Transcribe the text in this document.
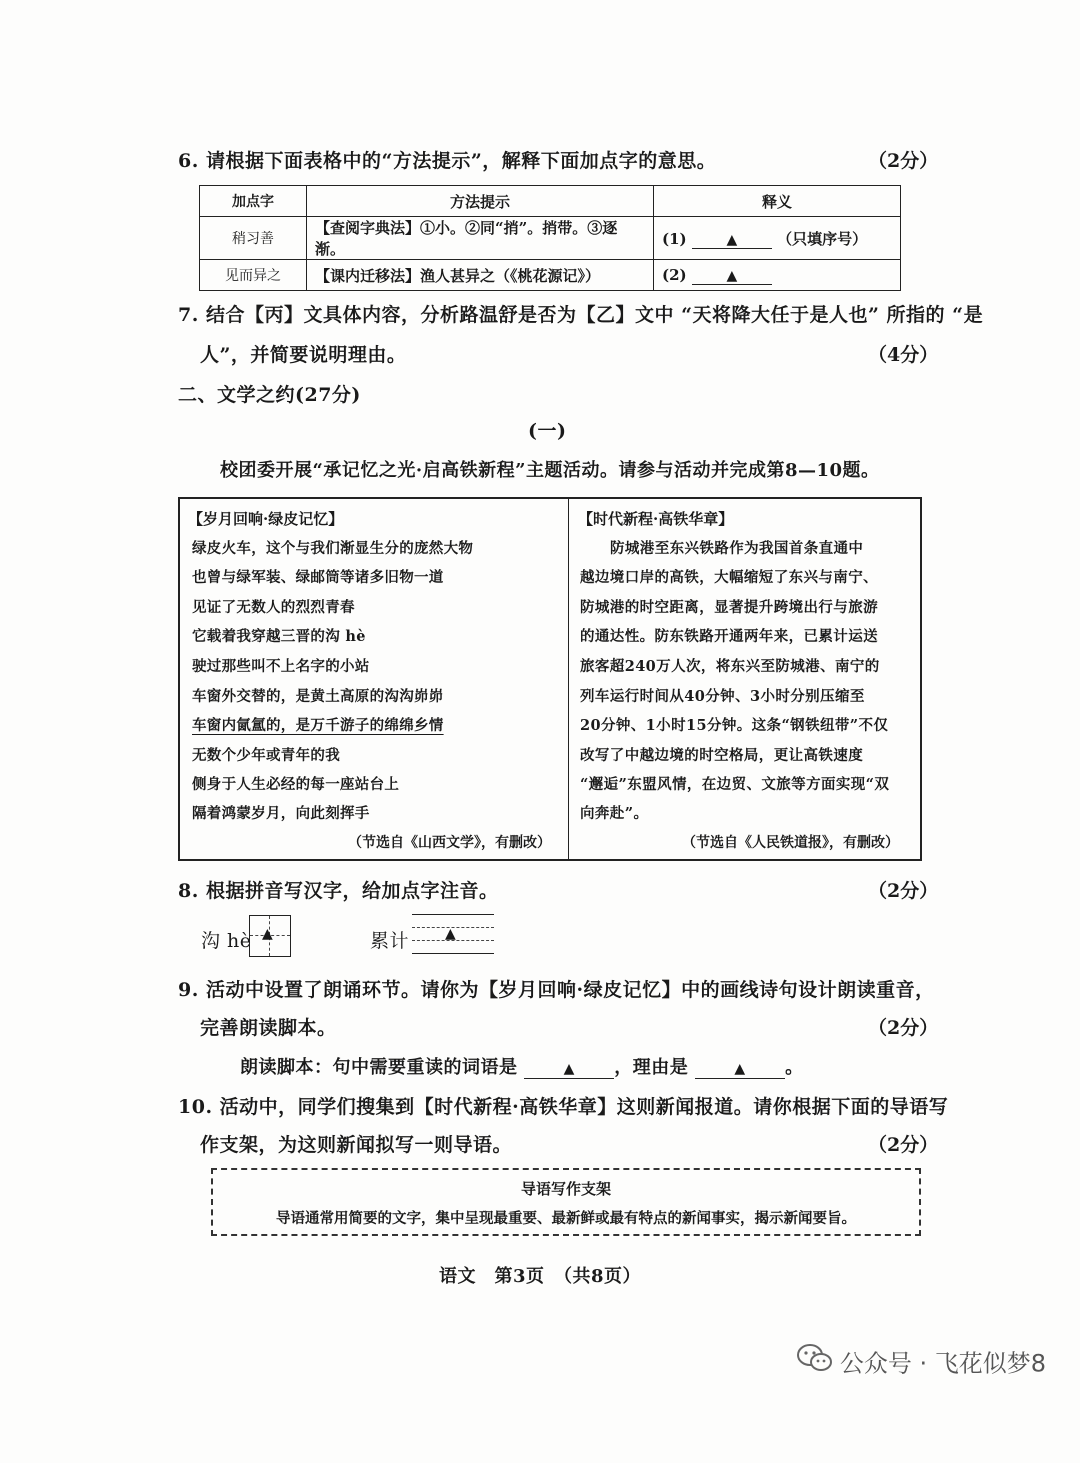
6. 请根据下面表格中的“方法提示”，解释下面加点字的意思。	（2分）
加点字	方法提示	释义
稍习善	【查阅字典法】①小。②同“捎”。捎带。③逐渐。	(1) ▲ （只填序号）
见而异之	【课内迁移法】渔人甚异之（《桃花源记》）	(2) ▲
7. 结合【丙】文具体内容，分析路温舒是否为【乙】文中 “天将降大任于是人也” 所指的 “是
人”，并简要说明理由。	（4分）
二、文学之约(27分)
(一)
校团委开展“承记忆之光·启高铁新程”主题活动。请参与活动并完成第8—10题。
【岁月回响·绿皮记忆】
绿皮火车，这个与我们渐显生分的庞然大物
也曾与绿军装、绿邮筒等诸多旧物一道
见证了无数人的烈烈青春
它载着我穿越三晋的沟 hè
驶过那些叫不上名字的小站
车窗外交替的，是黄土高原的沟沟峁峁
车窗内氤氲的，是万千游子的绵绵乡情
无数个少年或青年的我
侧身于人生必经的每一座站台上
隔着鸿蒙岁月，向此刻挥手
（节选自《山西文学》，有删改）
【时代新程·高铁华章】
防城港至东兴铁路作为我国首条直通中
越边境口岸的高铁，大幅缩短了东兴与南宁、
防城港的时空距离，显著提升跨境出行与旅游
的通达性。防东铁路开通两年来，已累计运送
旅客超240万人次，将东兴至防城港、南宁的
列车运行时间从40分钟、3小时分别压缩至
20分钟、1小时15分钟。这条“钢铁纽带”不仅
改写了中越边境的时空格局，更让高铁速度
“邂逅”东盟风情，在边贸、文旅等方面实现“双
向奔赴”。
（节选自《人民铁道报》，有删改）
8. 根据拼音写汉字，给加点字注音。	（2分）
沟 hè ▲	累计	▲
9. 活动中设置了朗诵环节。请你为【岁月回响·绿皮记忆】中的画线诗句设计朗读重音，
完善朗读脚本。	（2分）
朗读脚本：句中需要重读的词语是	▲ ，理由是	▲ 。
10. 活动中，同学们搜集到【时代新程·高铁华章】这则新闻报道。请你根据下面的导语写
作支架，为这则新闻拟写一则导语。	（2分）
导语写作支架
导语通常用简要的文字，集中呈现最重要、最新鲜或最有特点的新闻事实，揭示新闻要旨。
语文　第3页　（共8页）
公众号 · 飞花似梦8
